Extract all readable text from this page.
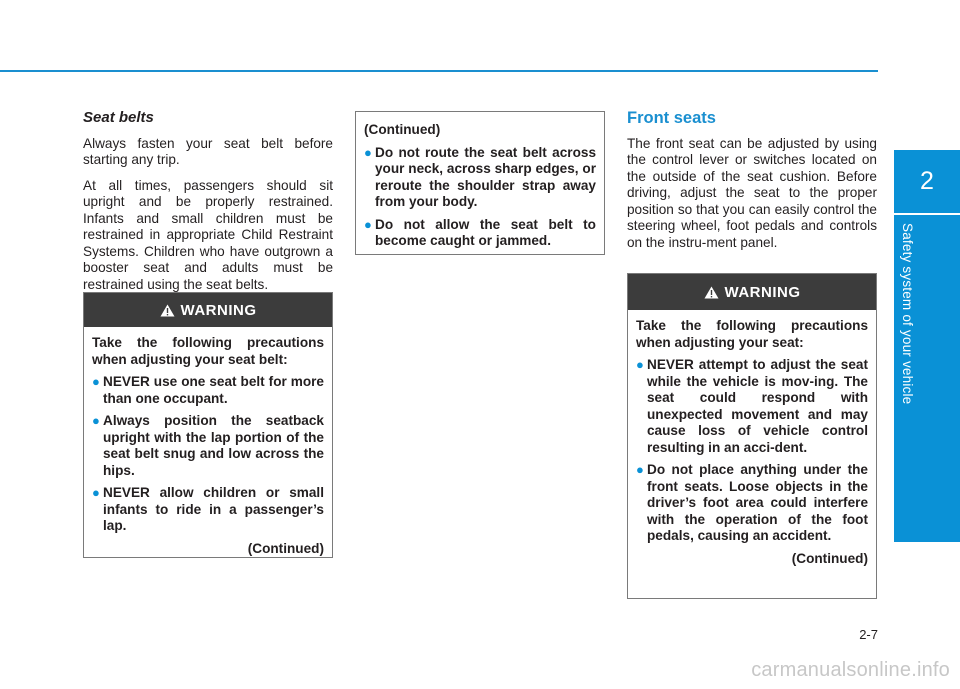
2
Safety system of your vehicle
Seat belts

Always fasten your seat belt before starting any trip.

At all times, passengers should sit upright and be properly restrained. Infants and small children must be restrained in appropriate Child Restraint Systems. Children who have outgrown a booster seat and adults must be restrained using the seat belts.

WARNING

Take the following precautions when adjusting your seat belt:

● NEVER use one seat belt for more than one occupant.
● Always position the seatback upright with the lap portion of the seat belt snug and low across the hips.
● NEVER allow children or small infants to ride in a passenger’s lap.
(Continued)

(Continued)

● Do not route the seat belt across your neck, across sharp edges, or reroute the shoulder strap away from your body.
● Do not allow the seat belt to become caught or jammed.
Front seats

The front seat can be adjusted by using the control lever or switches located on the outside of the seat cushion. Before driving, adjust the seat to the proper position so that you can easily control the steering wheel, foot pedals and controls on the instru-ment panel.

WARNING

Take the following precautions when adjusting your seat:

● NEVER attempt to adjust the seat while the vehicle is mov-ing. The seat could respond with unexpected movement and may cause loss of vehicle control resulting in an acci-dent.
● Do not place anything under the front seats. Loose objects in the driver’s foot area could interfere with the operation of the foot pedals, causing an accident.
(Continued)
2-7
carmanualsonline.info
